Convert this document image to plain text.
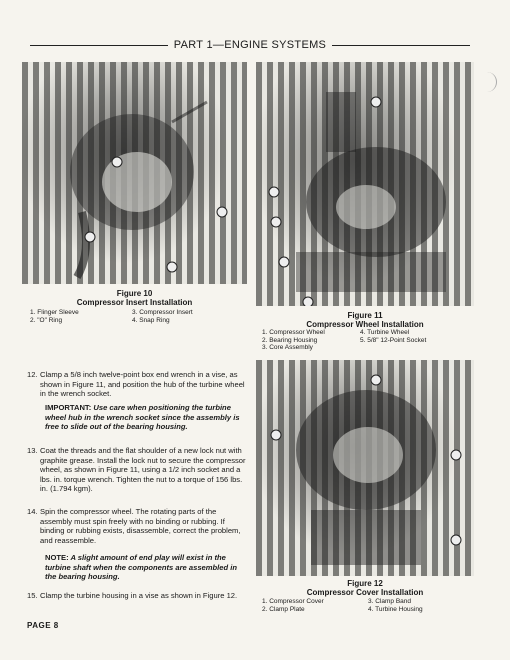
PART 1—ENGINE SYSTEMS
Figure 10
Compressor Insert Installation
1. Flinger Sleeve
2. "O" Ring
3. Compressor Insert
4. Snap Ring	Figure 11
Compressor Wheel Installation
1. Compressor Wheel
2. Bearing Housing
3. Core Assembly
4. Turbine Wheel
5. 5/8" 12-Point Socket
Figure 12
Compressor Cover Installation
1. Compressor Cover
2. Clamp Plate
3. Clamp Band
4. Turbine Housing
12. Clamp a 5/8 inch twelve-point box end wrench in a vise, as shown in Figure 11, and position the hub of the turbine wheel in the wrench socket.
IMPORTANT: Use care when positioning the turbine wheel hub in the wrench socket since the assembly is free to slide out of the bearing housing.
13. Coat the threads and the flat shoulder of a new lock nut with graphite grease. Install the lock nut to secure the compressor wheel, as shown in Figure 11, using a 1/2 inch socket and a lbs. in. torque wrench. Tighten the nut to a torque of 156 lbs. in. (1.794 kgm).
14. Spin the compressor wheel. The rotating parts of the assembly must spin freely with no binding or rubbing. If binding or rubbing exists, disassemble, correct the problem, and reassemble.
NOTE: A slight amount of end play will exist in the turbine shaft when the components are assembled in the bearing housing.
15. Clamp the turbine housing in a vise as shown in Figure 12.
PAGE 8
